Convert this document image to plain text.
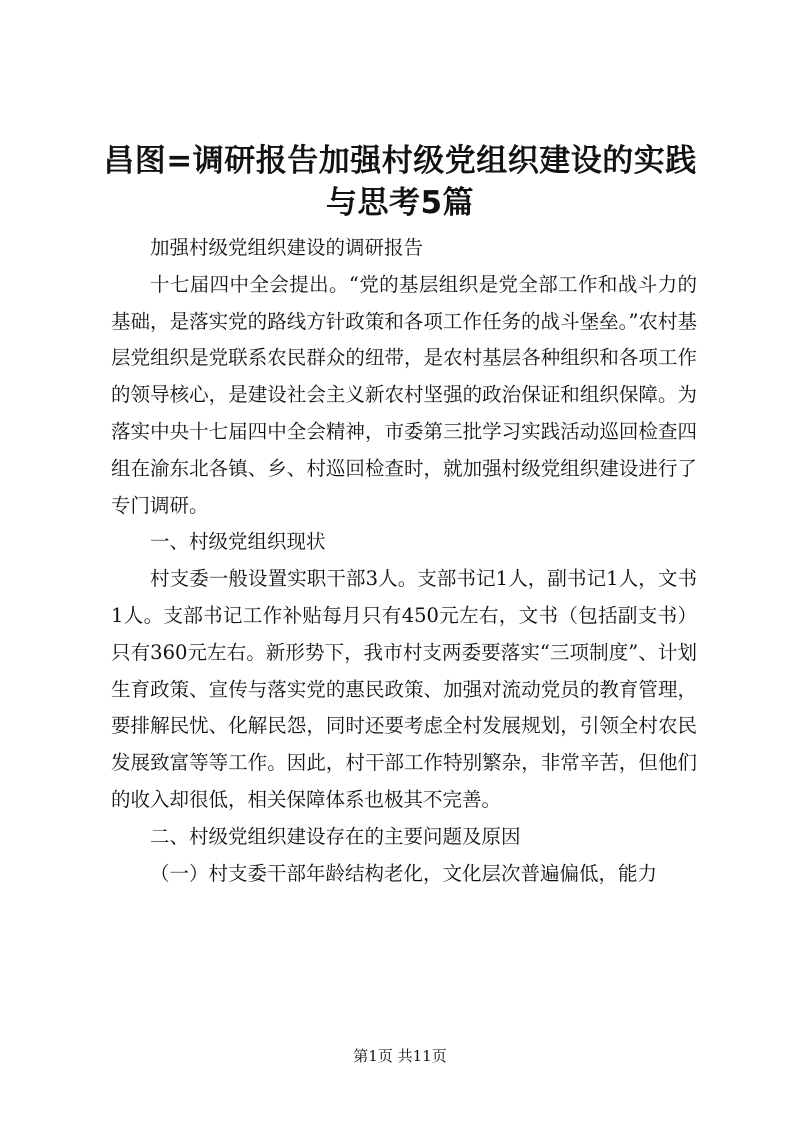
昌图=调研报告加强村级党组织建设的实践与思考5篇

加强村级党组织建设的调研报告

十七届四中全会提出。“党的基层组织是党全部工作和战斗力的基础，是落实党的路线方针政策和各项工作任务的战斗堡垒。”农村基层党组织是党联系农民群众的纽带，是农村基层各种组织和各项工作的领导核心，是建设社会主义新农村坚强的政治保证和组织保障。为落实中央十七届四中全会精神，市委第三批学习实践活动巡回检查四组在渝东北各镇、乡、村巡回检查时，就加强村级党组织建设进行了专门调研。

一、村级党组织现状

村支委一般设置实职干部3人。支部书记1人，副书记1人，文书1人。支部书记工作补贴每月只有450元左右，文书（包括副支书）只有360元左右。新形势下，我市村支两委要落实“三项制度”、计划生育政策、宣传与落实党的惠民政策、加强对流动党员的教育管理，要排解民忧、化解民怨，同时还要考虑全村发展规划，引领全村农民发展致富等等工作。因此，村干部工作特别繁杂，非常辛苦，但他们的收入却很低，相关保障体系也极其不完善。

二、村级党组织建设存在的主要问题及原因

（一）村支委干部年龄结构老化，文化层次普遍偏低，能力

第1页 共11页
